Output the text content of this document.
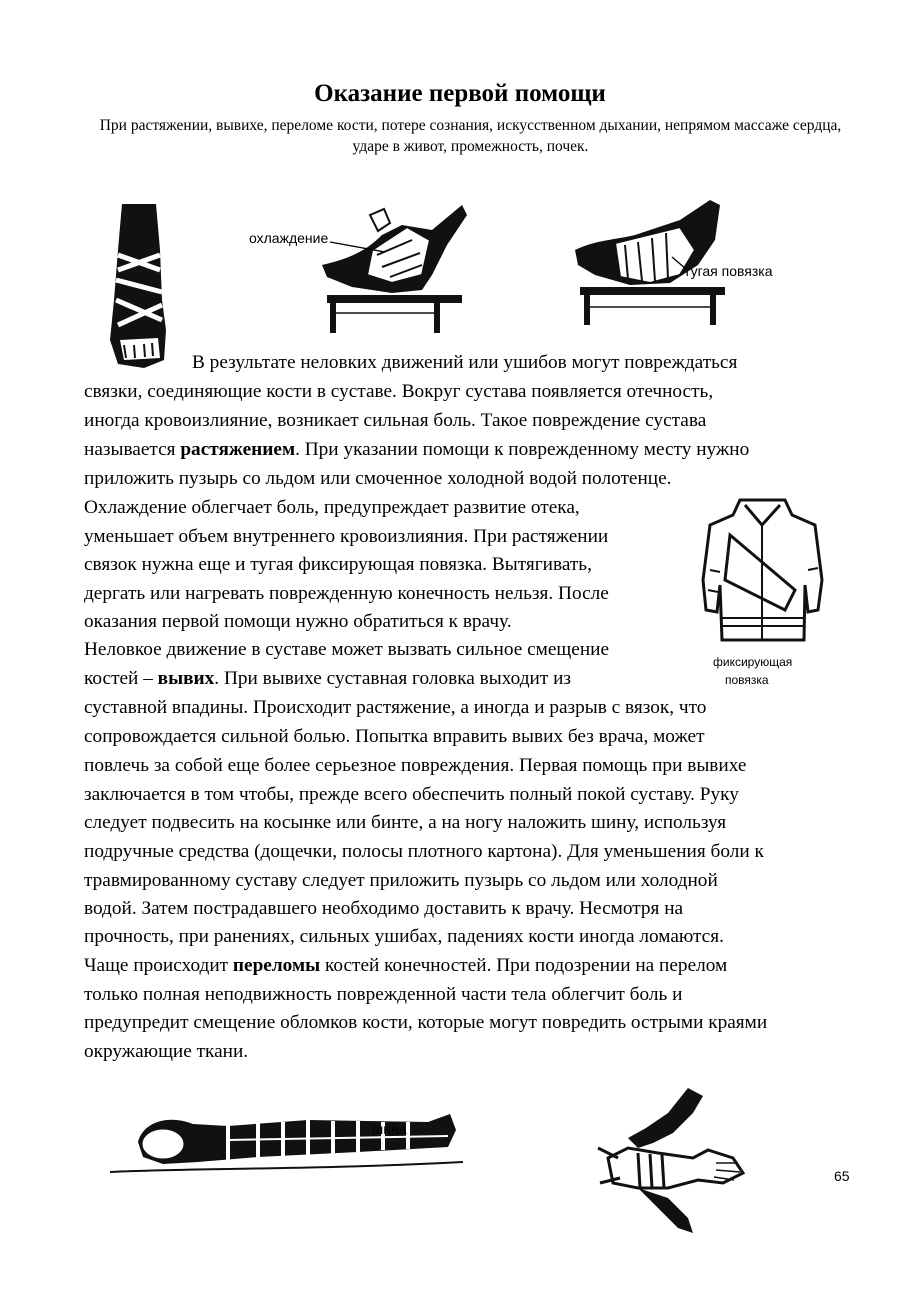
Оказание первой помощи
При растяжении, вывихе, переломе кости, потере сознания, искусственном дыхании, непрямом массаже сердца, ударе в живот, промежность, почек.
охлаждение
тугая повязка
фиксирующая
повязка
В результате неловких движений или ушибов могут повреждаться
связки, соединяющие кости в суставе. Вокруг сустава появляется отечность,
иногда кровоизлияние, возникает сильная боль. Такое повреждение сустава
называется растяжением. При указании помощи к поврежденному месту нужно
приложить пузырь со льдом или смоченное холодной водой полотенце.
Охлаждение облегчает боль, предупреждает развитие отека,
уменьшает объем внутреннего кровоизлияния. При растяжении
связок нужна еще и тугая фиксирующая повязка. Вытягивать,
дергать или нагревать поврежденную конечность нельзя. После
оказания первой помощи нужно обратиться к врачу.
Неловкое движение в суставе может вызвать сильное смещение
костей – вывих. При вывихе суставная головка выходит из
суставной впадины. Происходит растяжение, а иногда и разрыв с вязок, что
сопровождается сильной болью. Попытка вправить вывих без врача, может
повлечь за собой еще более серьезное повреждения. Первая помощь при вывихе
заключается в том чтобы, прежде всего обеспечить полный покой суставу. Руку
следует подвесить на косынке или бинте, а на ногу наложить шину, используя
подручные средства (дощечки, полосы плотного картона). Для уменьшения боли к
травмированному суставу следует приложить пузырь со льдом или холодной
водой. Затем пострадавшего необходимо доставить к врачу. Несмотря на
прочность, при ранениях, сильных ушибах, падениях кости иногда ломаются.
Чаще происходит переломы костей конечностей. При подозрении на перелом
только полная неподвижность поврежденной части тела облегчит боль и
предупредит смещение обломков кости, которые могут повредить острыми краями
окружающие ткани.
шина
65
